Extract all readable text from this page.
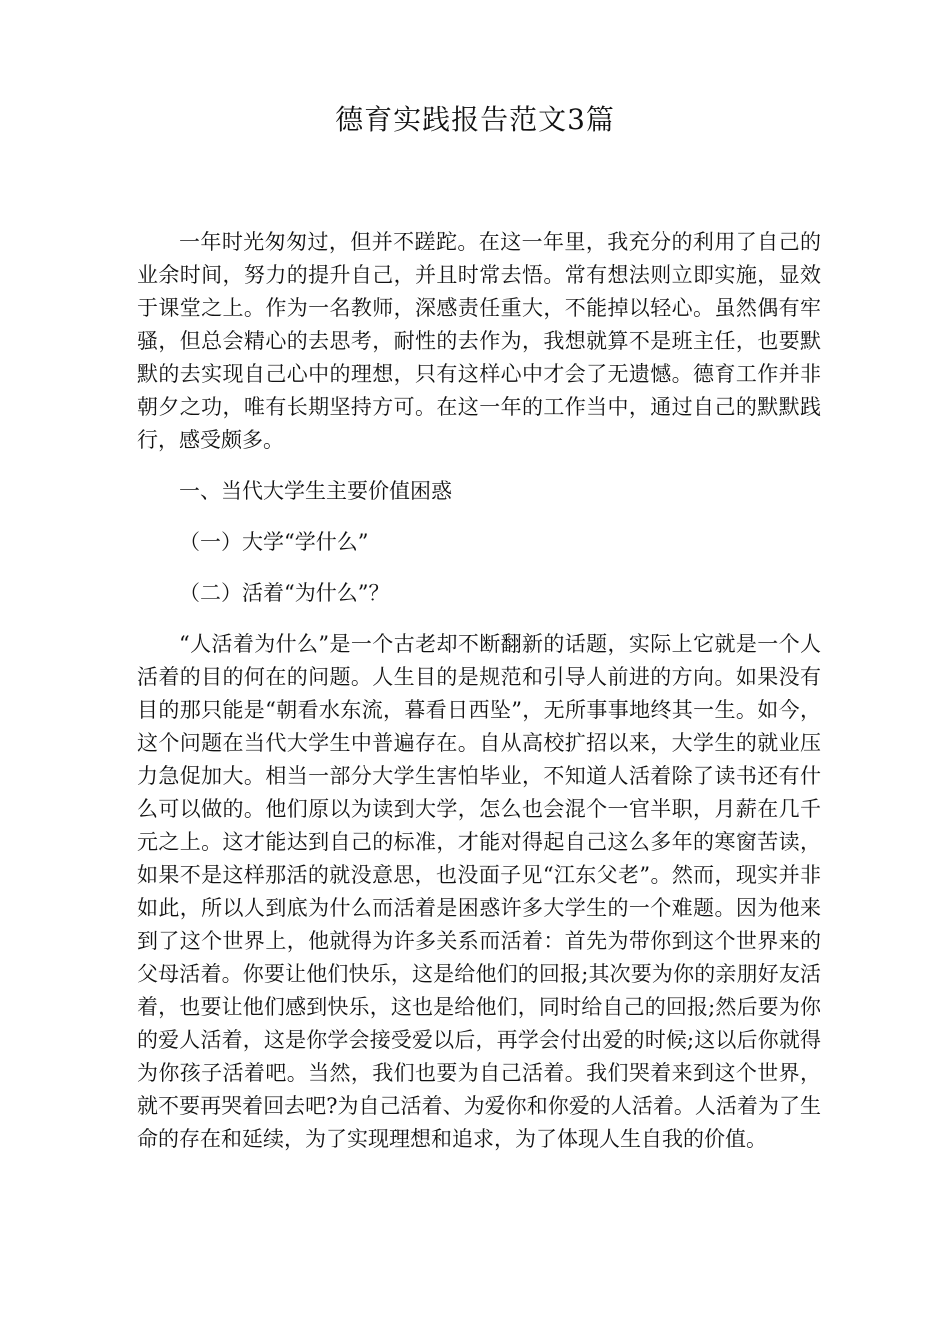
德育实践报告范文3篇

一年时光匆匆过，但并不蹉跎。在这一年里，我充分的利用了自己的业余时间，努力的提升自己，并且时常去悟。常有想法则立即实施，显效于课堂之上。作为一名教师，深感责任重大，不能掉以轻心。虽然偶有牢骚，但总会精心的去思考，耐性的去作为，我想就算不是班主任，也要默默的去实现自己心中的理想，只有这样心中才会了无遗憾。德育工作并非朝夕之功，唯有长期坚持方可。在这一年的工作当中，通过自己的默默践行，感受颇多。

一、当代大学生主要价值困惑

（一）大学“学什么”

（二）活着“为什么”？

“人活着为什么”是一个古老却不断翻新的话题，实际上它就是一个人活着的目的何在的问题。人生目的是规范和引导人前进的方向。如果没有目的那只能是“朝看水东流，暮看日西坠”，无所事事地终其一生。如今，这个问题在当代大学生中普遍存在。自从高校扩招以来，大学生的就业压力急促加大。相当一部分大学生害怕毕业，不知道人活着除了读书还有什么可以做的。他们原以为读到大学，怎么也会混个一官半职，月薪在几千元之上。这才能达到自己的标准，才能对得起自己这么多年的寒窗苦读，如果不是这样那活的就没意思，也没面子见“江东父老”。然而，现实并非如此，所以人到底为什么而活着是困惑许多大学生的一个难题。因为他来到了这个世界上，他就得为许多关系而活着：首先为带你到这个世界来的父母活着。你要让他们快乐，这是给他们的回报;其次要为你的亲朋好友活着，也要让他们感到快乐，这也是给他们，同时给自己的回报;然后要为你的爱人活着，这是你学会接受爱以后，再学会付出爱的时候;这以后你就得为你孩子活着吧。当然，我们也要为自己活着。我们哭着来到这个世界，就不要再哭着回去吧?为自己活着、为爱你和你爱的人活着。人活着为了生命的存在和延续，为了实现理想和追求，为了体现人生自我的价值。
